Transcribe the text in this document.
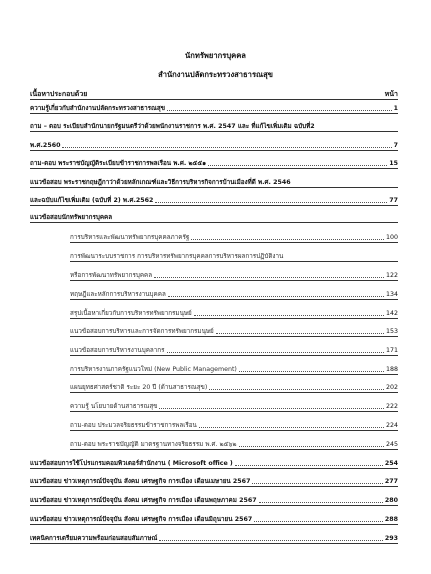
นักทรัพยากรบุคคล
สำนักงานปลัดกระทรวงสาธารณสุข
เนื้อหาประกอบด้วย	หน้า
ความรู้เกี่ยวกับสำนักงานปลัดกระทรวงสาธารณสุข	1
ถาม – ตอบ ระเบียบสำนักนายกรัฐมนตรีว่าด้วยพนักงานราชการ พ.ศ. 2547 และ ที่แก้ไขเพิ่มเติม ฉบับที่2
พ.ศ.2560	7
ถาม-ตอบ พระราชบัญญัติระเบียบข้าราชการพลเรือน พ.ศ. ๒๕๕๑	15
แนวข้อสอบ พระราชกฤษฎีกาว่าด้วยหลักเกณฑ์และวิธีการบริหารกิจการบ้านเมืองที่ดี พ.ศ. 2546
และฉบับแก้ไขเพิ่มเติม (ฉบับที่ 2) พ.ศ.2562	77
แนวข้อสอบนักทรัพยากรบุคคล
การบริหารและพัฒนาทรัพยากรบุคคลภาครัฐ	100
การพัฒนาระบบราชการ การบริหารทรัพยากรบุคคลการบริหารผลการปฏิบัติงาน
หรือการพัฒนาทรัพยากรบุคคล	122
ทฤษฎีและหลักการบริหารงานบุคคล	134
สรุปเนื้อหาเกี่ยวกับการบริหารทรัพยากรมนุษย์	142
แนวข้อสอบการบริหารและการจัดการทรัพยากรมนุษย์	153
แนวข้อสอบการบริหารงานบุคลากร	171
การบริหารงานภาครัฐแนวใหม่ (New Public Management)	188
แผนยุทธศาสตร์ชาติ ระยะ 20 ปี (ด้านสาธารณสุข)	202
ความรู้ นโยบายด้านสาธารณสุข	222
ถาม-ตอบ ประมวลจริยธรรมข้าราชการพลเรือน	224
ถาม-ตอบ พระราชบัญญัติ มาตรฐานทางจริยธรรม พ.ศ. ๒๕๖๒	245
แนวข้อสอบการใช้โปรแกรมคอมพิวเตอร์สำนักงาน ( Microsoft office )	254
แนวข้อสอบ ข่าวเหตุการณ์ปัจจุบัน สังคม เศรษฐกิจ การเมือง เดือนเมษายน 2567	277
แนวข้อสอบ ข่าวเหตุการณ์ปัจจุบัน สังคม เศรษฐกิจ การเมือง เดือนพฤษภาคม 2567	280
แนวข้อสอบ ข่าวเหตุการณ์ปัจจุบัน สังคม เศรษฐกิจ การเมือง เดือนมิถุนายน 2567	288
เทคนิคการเตรียมความพร้อมก่อนสอบสัมภาษณ์	293
